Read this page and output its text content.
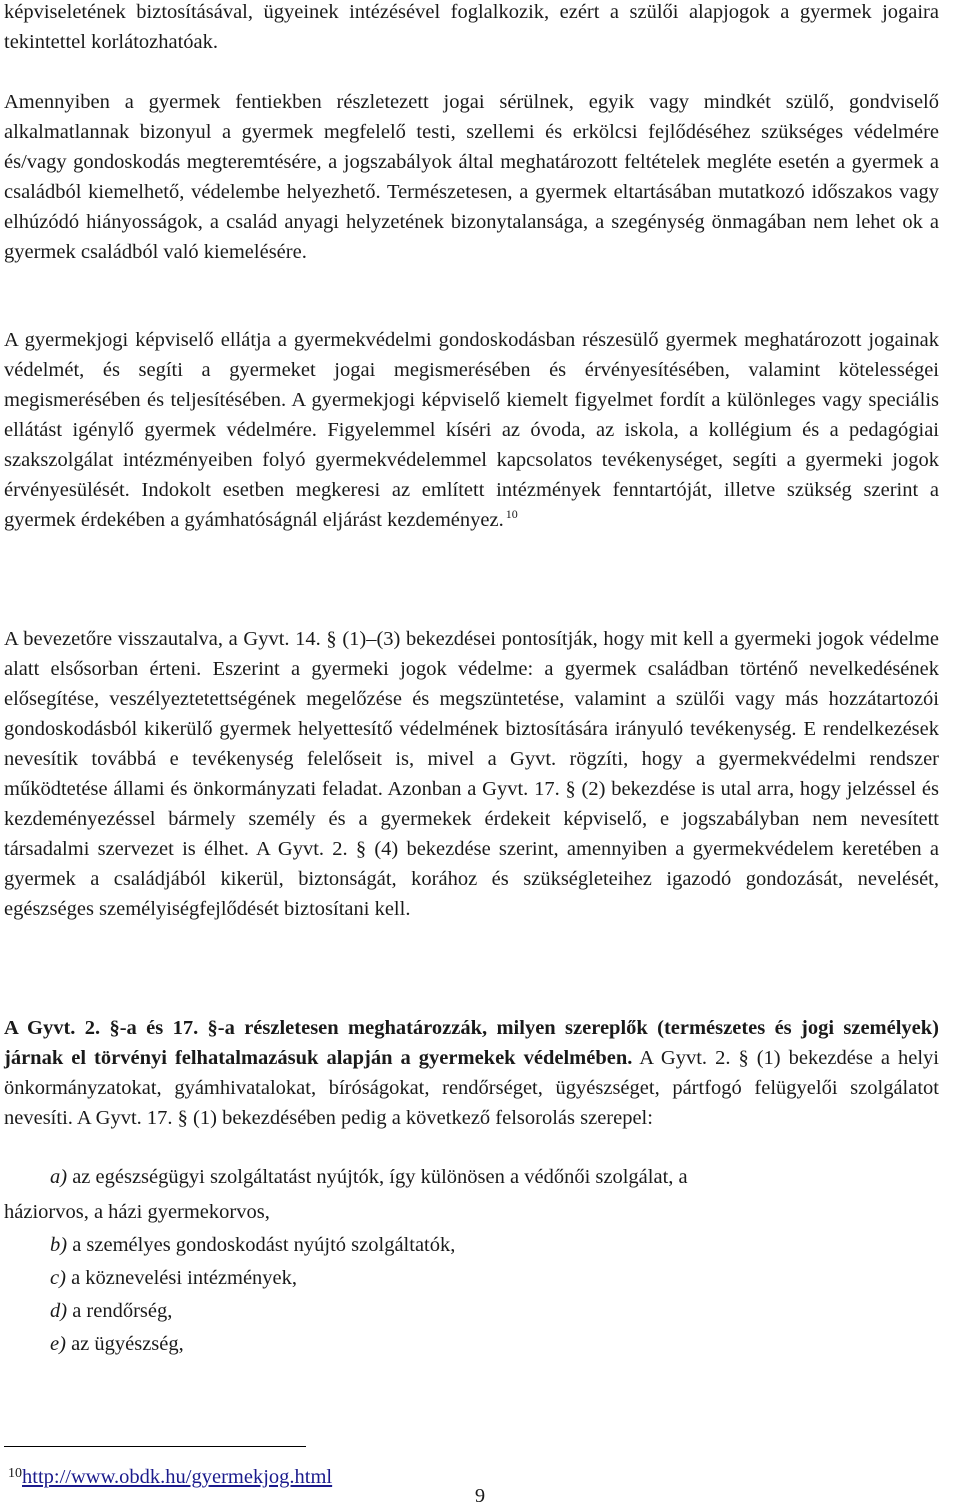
képviseletének biztosításával, ügyeinek intézésével foglalkozik, ezért a szülői alapjogok a gyermek jogaira tekintettel korlátozhatóak.

Amennyiben a gyermek fentiekben részletezett jogai sérülnek, egyik vagy mindkét szülő, gondviselő alkalmatlannak bizonyul a gyermek megfelelő testi, szellemi és erkölcsi fejlődéséhez szükséges védelmére és/vagy gondoskodás megteremtésére, a jogszabályok által meghatározott feltételek megléte esetén a gyermek a családból kiemelhető, védelembe helyezhető. Természetesen, a gyermek eltartásában mutatkozó időszakos vagy elhúzódó hiányosságok, a család anyagi helyzetének bizonytalansága, a szegénység önmagában nem lehet ok a gyermek családból való kiemelésére.

A gyermekjogi képviselő ellátja a gyermekvédelmi gondoskodásban részesülő gyermek meghatározott jogainak védelmét, és segíti a gyermeket jogai megismerésében és érvényesítésében, valamint kötelességei megismerésében és teljesítésében. A gyermekjogi képviselő kiemelt figyelmet fordít a különleges vagy speciális ellátást igénylő gyermek védelmére. Figyelemmel kíséri az óvoda, az iskola, a kollégium és a pedagógiai szakszolgálat intézményeiben folyó gyermekvédelemmel kapcsolatos tevékenységet, segíti a gyermeki jogok érvényesülését. Indokolt esetben megkeresi az említett intézmények fenntartóját, illetve szükség szerint a gyermek érdekében a gyámhatóságnál eljárást kezdeményez. $^{10}$

A bevezetőre visszautalva, a Gyvt. 14. § (1)–(3) bekezdései pontosítják, hogy mit kell a gyermeki jogok védelme alatt elsősorban érteni. Eszerint a gyermeki jogok védelme: a gyermek családban történő nevelkedésének elősegítése, veszélyeztetettségének megelőzése és megszüntetése, valamint a szülői vagy más hozzátartozói gondoskodásból kikerülő gyermek helyettesítő védelmének biztosítására irányuló tevékenység. E rendelkezések nevesítik továbbá e tevékenység felelőseit is, mivel a Gyvt. rögzíti, hogy a gyermekvédelmi rendszer működtetése állami és önkormányzati feladat. Azonban a Gyvt. 17. § (2) bekezdése is utal arra, hogy jelzéssel és kezdeményezéssel bármely személy és a gyermekek érdekeit képviselő, e jogszabályban nem nevesített társadalmi szervezet is élhet. A Gyvt. 2. § (4) bekezdése szerint, amennyiben a gyermekvédelem keretében a gyermek a családjából kikerül, biztonságát, korához és szükségleteihez igazodó gondozását, nevelését, egészséges személyiségfejlődését biztosítani kell.

A Gyvt. 2. §-a és 17. §-a részletesen meghatározzák, milyen szereplők (természetes és jogi személyek) járnak el törvényi felhatalmazásuk alapján a gyermekek védelmében. A Gyvt. 2. § (1) bekezdése a helyi önkormányzatokat, gyámhivatalokat, bíróságokat, rendőrséget, ügyészséget, pártfogó felügyelői szolgálatot nevesíti. A Gyvt. 17. § (1) bekezdésében pedig a következő felsorolás szerepel:

a) az egészségügyi szolgáltatást nyújtók, így különösen a védőnői szolgálat, a
háziorvos, a házi gyermekorvos,
b) a személyes gondoskodást nyújtó szolgáltatók,
c) a köznevelési intézmények,
d) a rendőrség,
e) az ügyészség,
$^{10}$http://www.obdk.hu/gyermekjog.html
9
